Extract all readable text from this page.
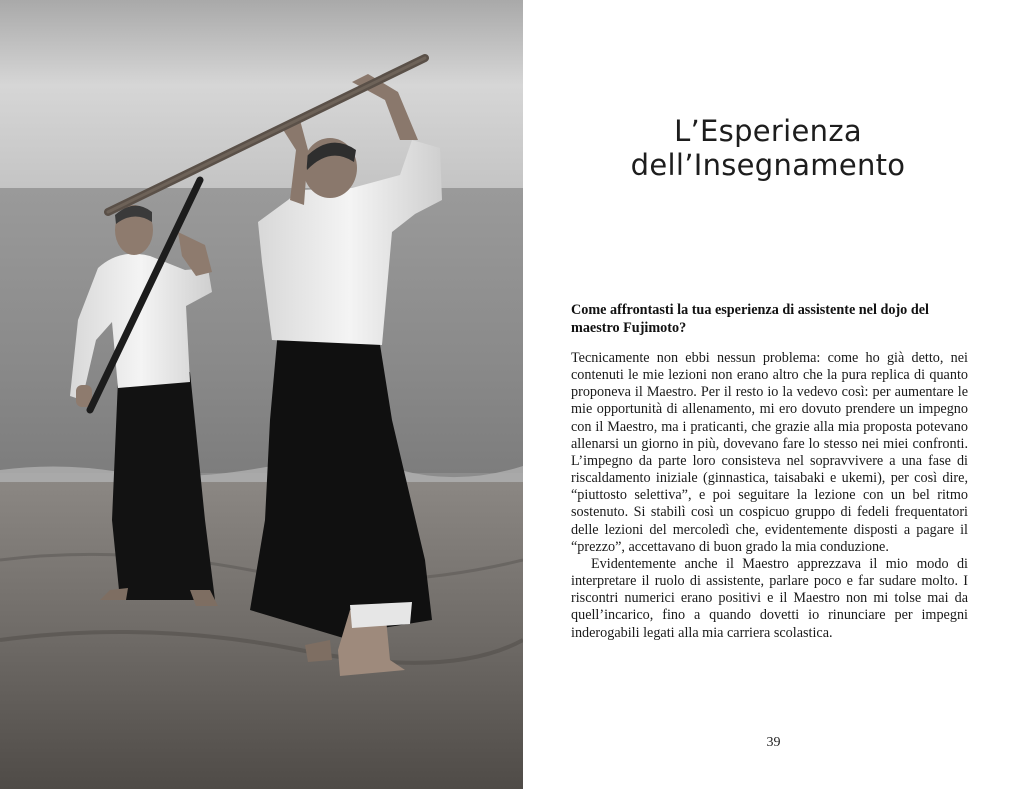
L’Esperienza
dell’Insegnamento

Come affrontasti la tua esperienza di assistente nel dojo del maestro Fujimoto?

Tecnicamente non ebbi nessun problema: come ho già detto, nei contenuti le mie lezioni non erano altro che la pura replica di quanto proponeva il Maestro. Per il resto io la vedevo così: per aumentare le mie opportunità di allenamento, mi ero dovuto prendere un impegno con il Maestro, ma i praticanti, che grazie alla mia proposta potevano allenarsi un giorno in più, dovevano fare lo stesso nei miei confronti. L’impegno da parte loro consisteva nel sopravvivere a una fase di riscaldamento iniziale (ginnastica, taisabaki e ukemi), per così dire, “piuttosto selettiva”, e poi seguitare la lezione con un bel ritmo sostenuto. Si stabilì così un cospicuo gruppo di fedeli frequentatori delle lezioni del mercoledì che, evidentemente disposti a pagare il “prezzo”, accettavano di buon grado la mia conduzione.

Evidentemente anche il Maestro apprezzava il mio modo di interpretare il ruolo di assistente, parlare poco e far sudare molto. I riscontri numerici erano positivi e il Maestro non mi tolse mai da quell’incarico, fino a quando dovetti io rinunciare per impegni inderogabili legati alla mia carriera scolastica.

39
